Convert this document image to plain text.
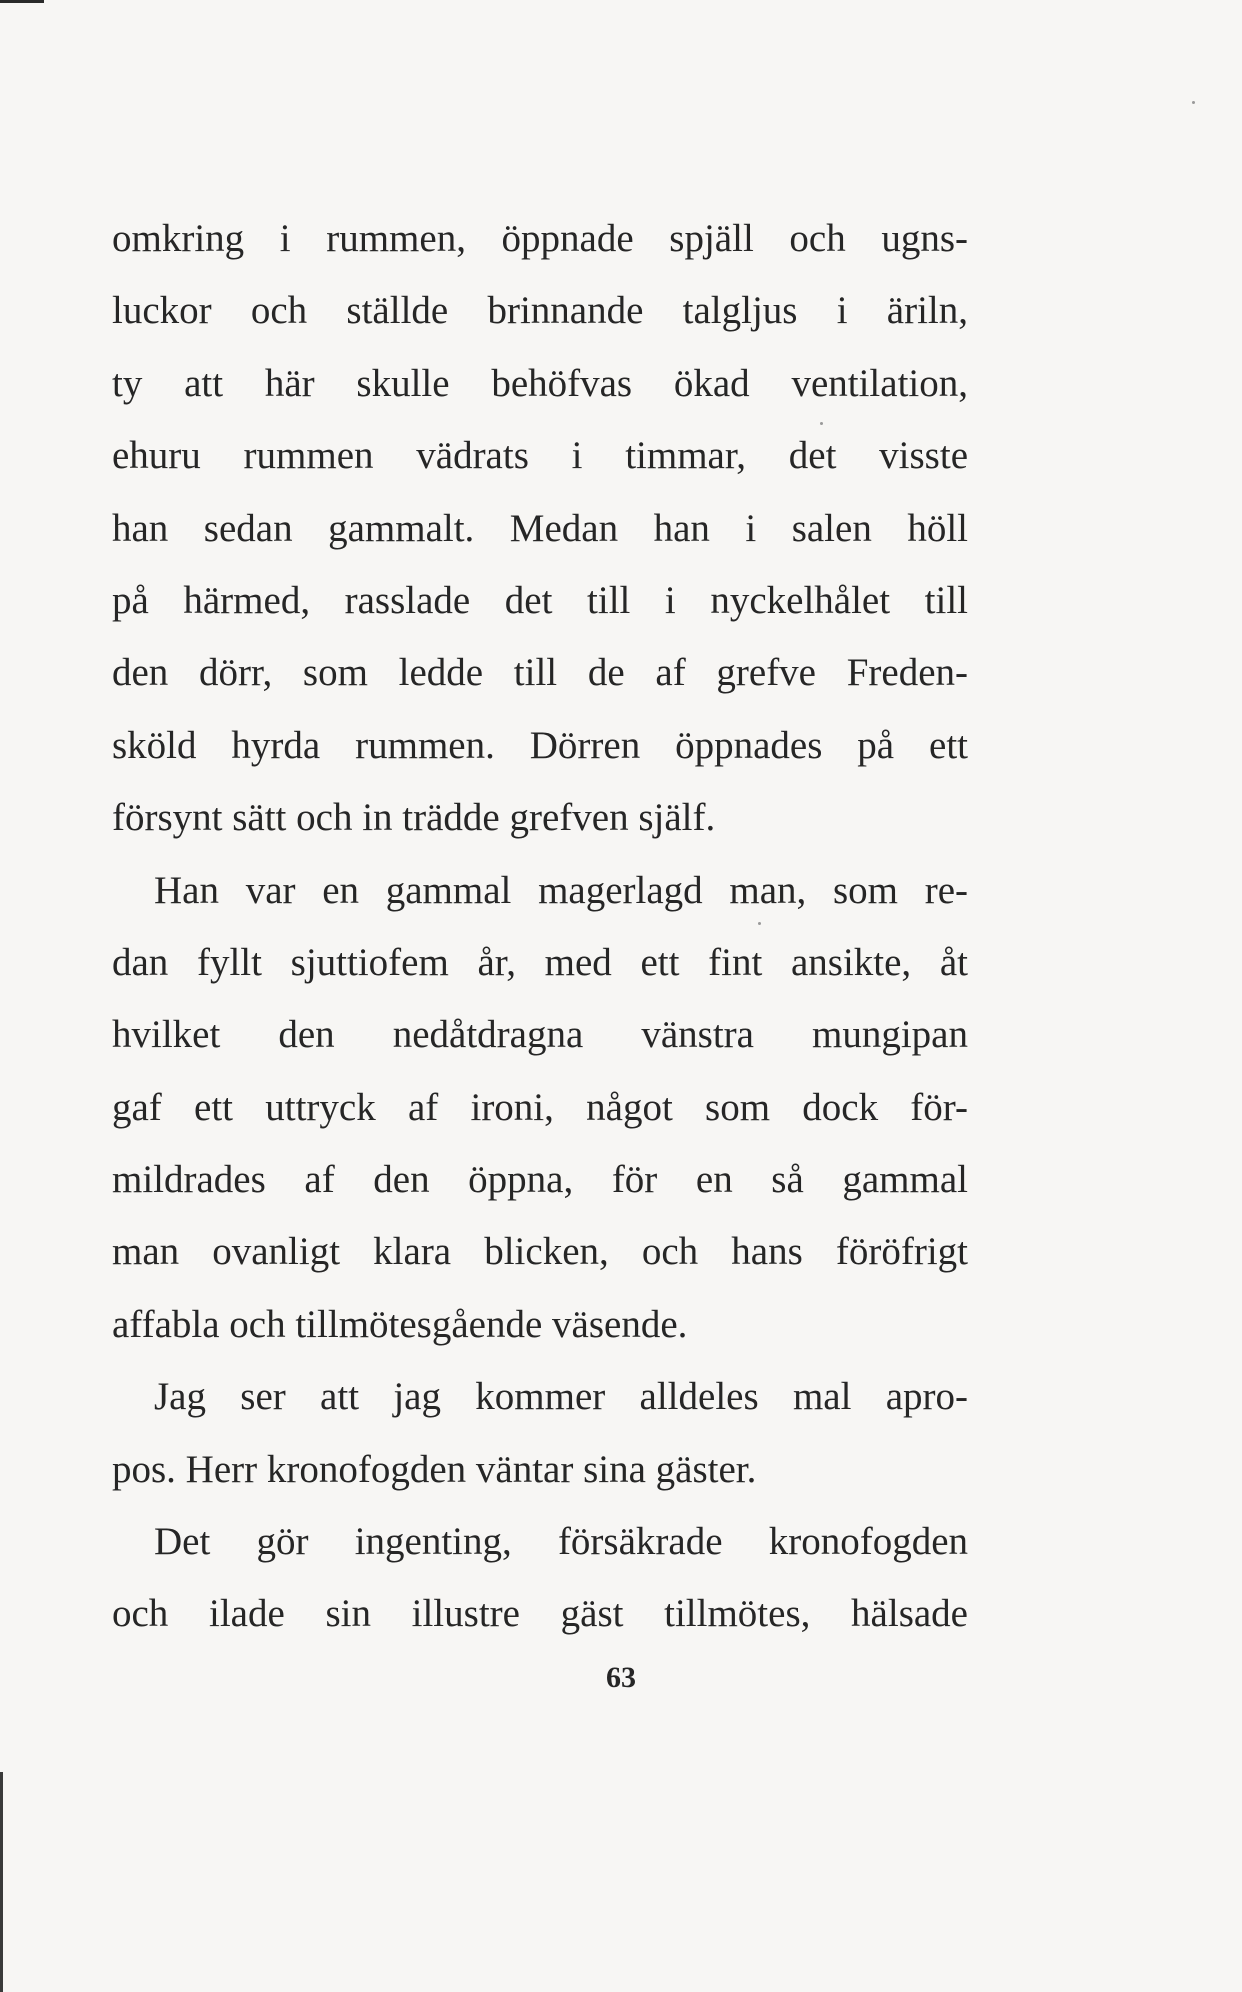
omkring i rummen, öppnade spjäll och ugns-
luckor och ställde brinnande talgljus i äriln,
ty att här skulle behöfvas ökad ventilation,
ehuru rummen vädrats i timmar, det visste
han sedan gammalt. Medan han i salen höll
på härmed, rasslade det till i nyckelhålet till
den dörr, som ledde till de af grefve Freden-
sköld hyrda rummen. Dörren öppnades på ett
försynt sätt och in trädde grefven själf.
Han var en gammal magerlagd man, som re-
dan fyllt sjuttiofem år, med ett fint ansikte, åt
hvilket den nedåtdragna vänstra mungipan
gaf ett uttryck af ironi, något som dock för-
mildrades af den öppna, för en så gammal
man ovanligt klara blicken, och hans föröfrigt
affabla och tillmötesgående väsende.
Jag ser att jag kommer alldeles mal apro-
pos. Herr kronofogden väntar sina gäster.
Det gör ingenting, försäkrade kronofogden
och ilade sin illustre gäst tillmötes, hälsade
63
